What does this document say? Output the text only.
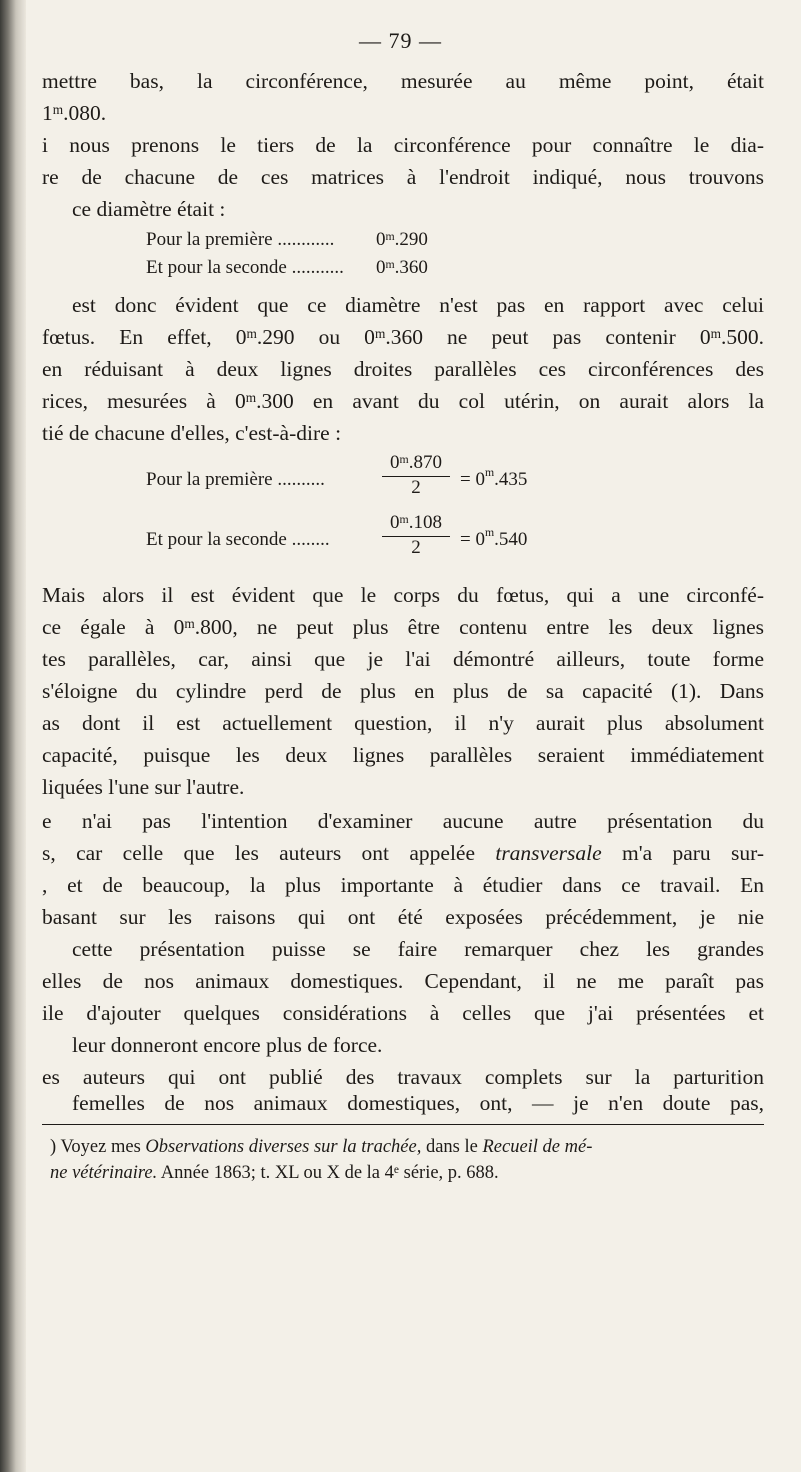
— 79 —
mettre bas, la circonférence, mesurée au même point, était
1$^m$.080.
i nous prenons le tiers de la circonférence pour connaître le dia-
re de chacune de ces matrices à l'endroit indiqué, nous trouvons
ce diamètre était :
Pour la première ............ 0$^m$.290
Et pour la seconde ........... 0$^m$.360
est donc évident que ce diamètre n'est pas en rapport avec celui
fœtus. En effet, 0$^m$.290 ou 0$^m$.360 ne peut pas contenir 0$^m$.500.
en réduisant à deux lignes droites parallèles ces circonférences des
rices, mesurées à 0$^m$.300 en avant du col utérin, on aurait alors la
tié de chacune d'elles, c'est-à-dire :
Pour la première ..........	$\frac{0^m.870}{2} = 0^m.435$
Et pour la seconde ........	$\frac{0^m.108}{2} = 0^m.540$
Mais alors il est évident que le corps du fœtus, qui a une circonfé-
ce égale à 0$^m$.800, ne peut plus être contenu entre les deux lignes
tes parallèles, car, ainsi que je l'ai démontré ailleurs, toute forme
s'éloigne du cylindre perd de plus en plus de sa capacité (1). Dans
as dont il est actuellement question, il n'y aurait plus absolument
capacité, puisque les deux lignes parallèles seraient immédiatement
liquées l'une sur l'autre.
e n'ai pas l'intention d'examiner aucune autre présentation du
s, car celle que les auteurs ont appelée transversale m'a paru sur-
, et de beaucoup, la plus importante à étudier dans ce travail. En
basant sur les raisons qui ont été exposées précédemment, je nie
cette présentation puisse se faire remarquer chez les grandes
elles de nos animaux domestiques. Cependant, il ne me paraît pas
ile d'ajouter quelques considérations à celles que j'ai présentées et
leur donneront encore plus de force.
es auteurs qui ont publié des travaux complets sur la parturition
femelles de nos animaux domestiques, ont, — je n'en doute pas,
) Voyez mes Observations diverses sur la trachée, dans le Recueil de mé-
ne vétérinaire. Année 1863; t. XL ou X de la 4e série, p. 688.
